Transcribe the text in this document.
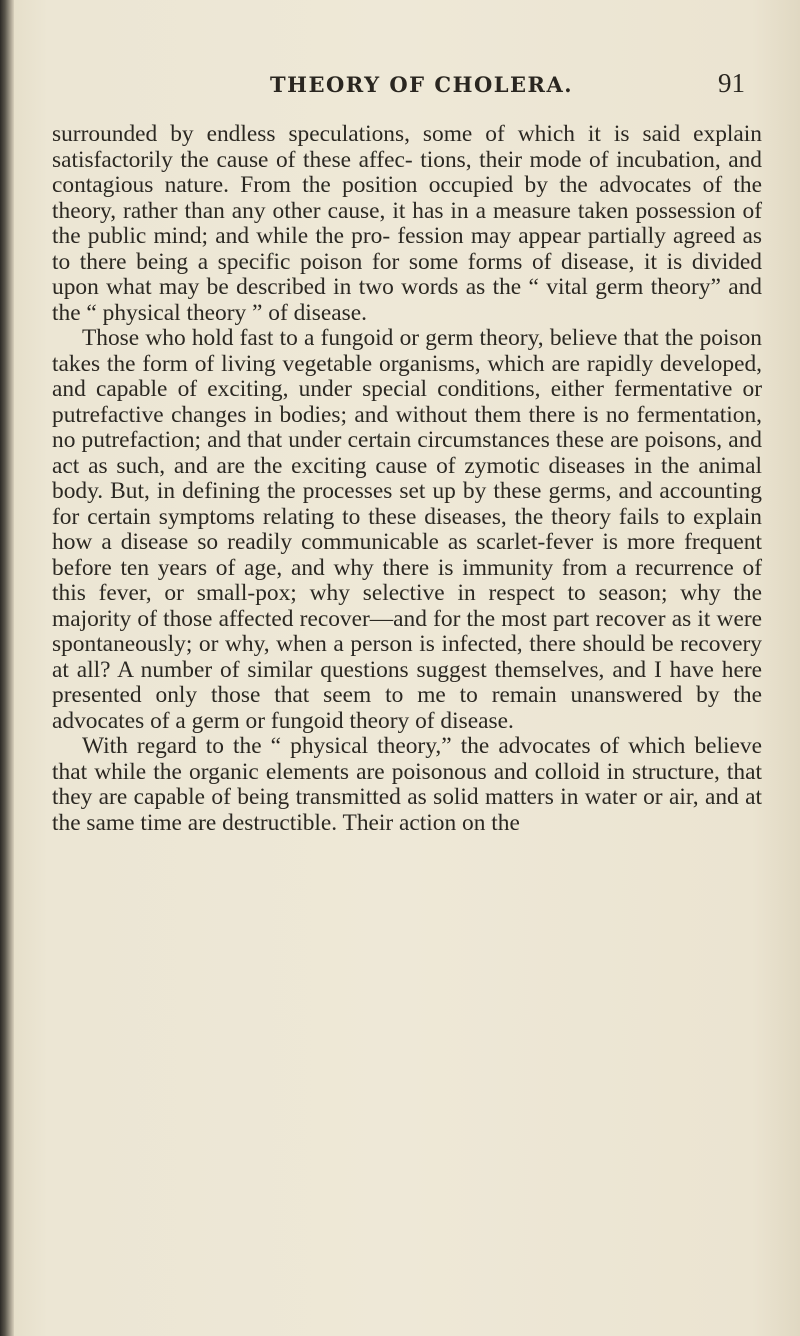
THEORY OF CHOLERA.	91

surrounded by endless speculations, some of which it is said explain satisfactorily the cause of these affec- tions, their mode of incubation, and contagious nature. From the position occupied by the advocates of the theory, rather than any other cause, it has in a measure taken possession of the public mind; and while the pro- fession may appear partially agreed as to there being a specific poison for some forms of disease, it is divided upon what may be described in two words as the “ vital germ theory” and the “ physical theory ” of disease.

Those who hold fast to a fungoid or germ theory, believe that the poison takes the form of living vegetable organisms, which are rapidly developed, and capable of exciting, under special conditions, either fermentative or putrefactive changes in bodies; and without them there is no fermentation, no putrefaction; and that under certain circumstances these are poisons, and act as such, and are the exciting cause of zymotic diseases in the animal body. But, in defining the processes set up by these germs, and accounting for certain symptoms relating to these diseases, the theory fails to explain how a disease so readily communicable as scarlet-fever is more frequent before ten years of age, and why there is immunity from a recurrence of this fever, or small-pox; why selective in respect to season; why the majority of those affected recover—and for the most part recover as it were spontaneously; or why, when a person is infected, there should be recovery at all? A number of similar questions suggest themselves, and I have here presented only those that seem to me to remain unanswered by the advocates of a germ or fungoid theory of disease.

With regard to the “ physical theory,” the advocates of which believe that while the organic elements are poisonous and colloid in structure, that they are capable of being transmitted as solid matters in water or air, and at the same time are destructible. Their action on the
